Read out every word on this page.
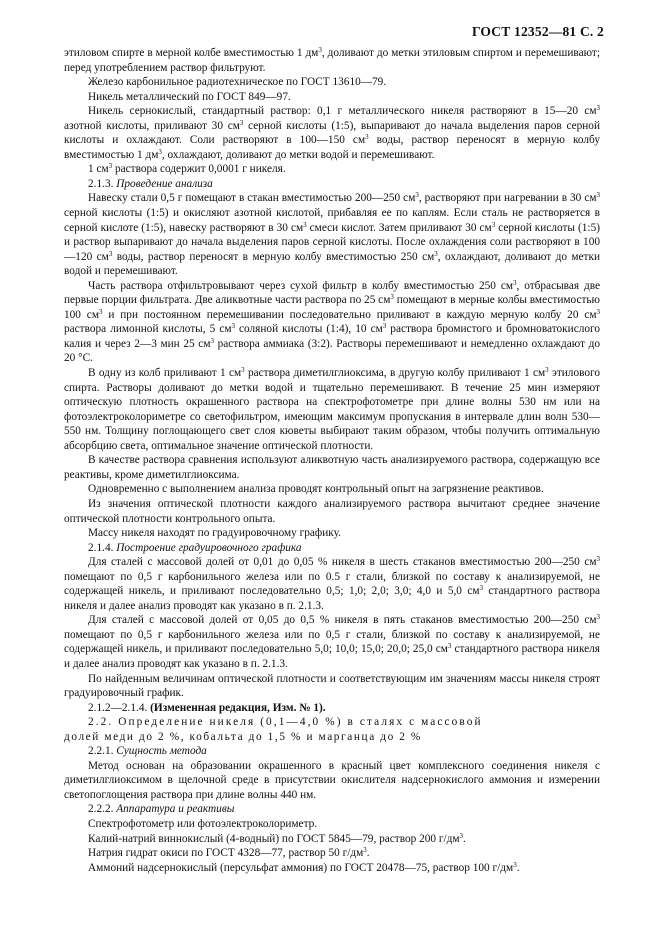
ГОСТ 12352—81 С. 2

этиловом спирте в мерной колбе вместимостью 1 $дм^3$, доливают до метки этиловым спиртом и перемешивают; перед употреблением раствор фильтруют.

Железо карбонильное радиотехническое по ГОСТ 13610—79.

Никель металлический по ГОСТ 849—97.

Никель сернокислый, стандартный раствор: 0,1 г металлического никеля растворяют в 15—20 $см^3$ азотной кислоты, приливают 30 $см^3$ серной кислоты (1:5), выпаривают до начала выделения паров серной кислоты и охлаждают. Соли растворяют в 100—150 $см^3$ воды, раствор переносят в мерную колбу вместимостью 1 $дм^3$, охлаждают, доливают до метки водой и перемешивают.

1 $см^3$ раствора содержит 0,0001 г никеля.

2.1.3. Проведение анализа

Навеску стали 0,5 г помещают в стакан вместимостью 200—250 $см^3$, растворяют при нагревании в 30 $см^3$ серной кислоты (1:5) и окисляют азотной кислотой, прибавляя ее по каплям. Если сталь не растворяется в серной кислоте (1:5), навеску растворяют в 30 $см^3$ смеси кислот. Затем приливают 30 $см^3$ серной кислоты (1:5) и раствор выпаривают до начала выделения паров серной кислоты. После охлаждения соли растворяют в 100—120 $см^3$ воды, раствор переносят в мерную колбу вместимостью 250 $см^3$, охлаждают, доливают до метки водой и перемешивают.

Часть раствора отфильтровывают через сухой фильтр в колбу вместимостью 250 $см^3$, отбрасывая две первые порции фильтрата. Две аликвотные части раствора по 25 $см^3$ помещают в мерные колбы вместимостью 100 $см^3$ и при постоянном перемешивании последовательно приливают в каждую мерную колбу 20 $см^3$ раствора лимонной кислоты, 5 $см^3$ соляной кислоты (1:4), 10 $см^3$ раствора бромистого и бромноватокислого калия и через 2—3 мин 25 $см^3$ раствора аммиака (3:2). Растворы перемешивают и немедленно охлаждают до 20 °С.

В одну из колб приливают 1 $см^3$ раствора диметилглиоксима, в другую колбу приливают 1 $см^3$ этилового спирта. Растворы доливают до метки водой и тщательно перемешивают. В течение 25 мин измеряют оптическую плотность окрашенного раствора на спектрофотометре при длине волны 530 нм или на фотоэлектроколориметре со светофильтром, имеющим максимум пропускания в интервале длин волн 530—550 нм. Толщину поглощающего свет слоя кюветы выбирают таким образом, чтобы получить оптимальную абсорбцию света, оптимальное значение оптической плотности.

В качестве раствора сравнения используют аликвотную часть анализируемого раствора, содержащую все реактивы, кроме диметилглиоксима.

Одновременно с выполнением анализа проводят контрольный опыт на загрязнение реактивов.

Из значения оптической плотности каждого анализируемого раствора вычитают среднее значение оптической плотности контрольного опыта.

Массу никеля находят по градуировочному графику.

2.1.4. Построение градуировочного графика

Для сталей с массовой долей от 0,01 до 0,05 % никеля в шесть стаканов вместимостью 200—250 $см^3$ помещают по 0,5 г карбонильного железа или по 0.5 г стали, близкой по составу к анализируемой, не содержащей никель, и приливают последовательно 0,5; 1,0; 2,0; 3,0; 4,0 и 5,0 $см^3$ стандартного раствора никеля и далее анализ проводят как указано в п. 2.1.3.

Для сталей с массовой долей от 0,05 до 0,5 % никеля в пять стаканов вместимостью 200—250 $см^3$ помещают по 0,5 г карбонильного железа или по 0,5 г стали, близкой по составу к анализируемой, не содержащей никель, и приливают последовательно 5,0; 10,0; 15,0; 20,0; 25,0 $см^3$ стандартного раствора никеля и далее анализ проводят как указано в п. 2.1.3.

По найденным величинам оптической плотности и соответствующим им значениям массы никеля строят градуировочный график.

2.1.2—2.1.4. (Измененная редакция, Изм. № 1).

2.2. Определение никеля (0,1—4,0 %) в сталях с массовой
долей меди до 2 %, кобальта до 1,5 % и марганца до 2 %

2.2.1. Сущность метода

Метод основан на образовании окрашенного в красный цвет комплексного соединения никеля с диметилглиоксимом в щелочной среде в присутствии окислителя надсернокислого аммония и измерении светопоглощения раствора при длине волны 440 нм.

2.2.2. Аппаратура и реактивы

Спектрофотометр или фотоэлектроколориметр.

Калий-натрий виннокислый (4-водный) по ГОСТ 5845—79, раствор 200 $г/дм^3$.

Натрия гидрат окиси по ГОСТ 4328—77, раствор 50 $г/дм^3$.

Аммоний надсернокислый (персульфат аммония) по ГОСТ 20478—75, раствор 100 $г/дм^3$.
